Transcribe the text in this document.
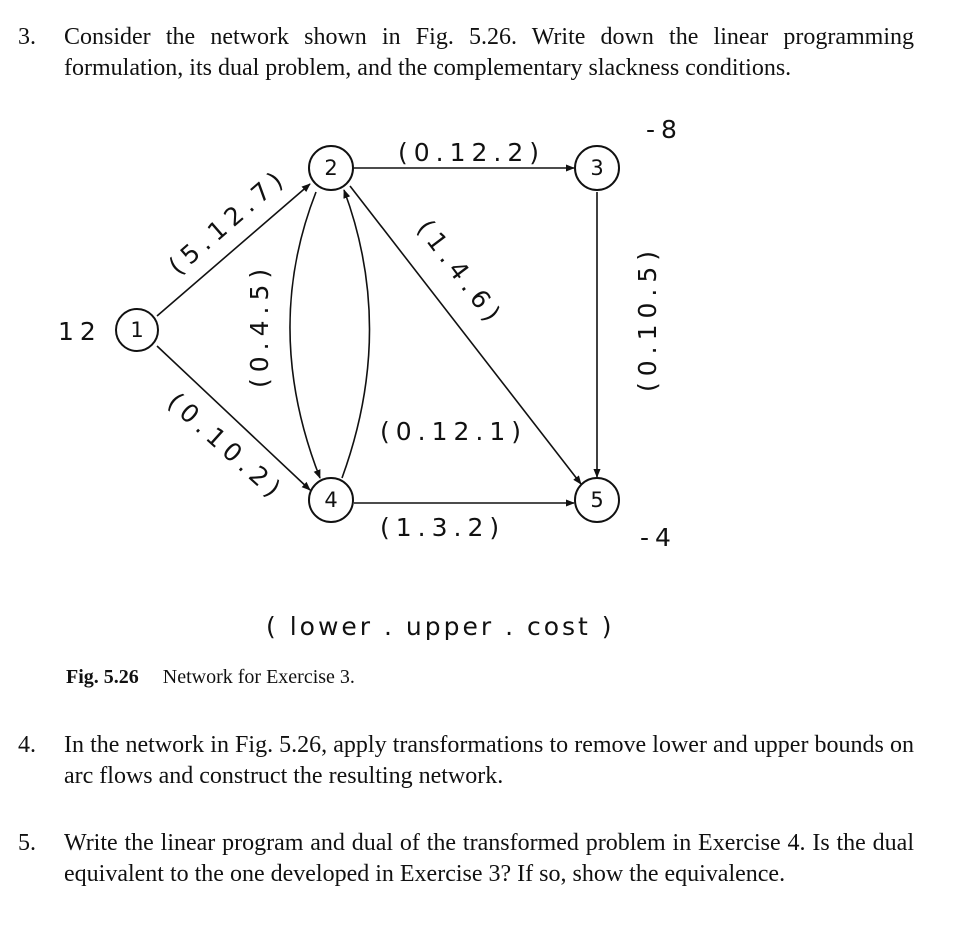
3. Consider the network shown in Fig. 5.26. Write down the linear programming formulation, its dual problem, and the complementary slackness conditions.
1
2	3
4	5
12
-8
-4
(5.12.7)
(0.10.2)
(0.12.2)
(0.4.5)
(0.12.1)
(1.4.6)	(0.10.5)
(1.3.2)
( lower . upper . cost )
Fig. 5.26 Network for Exercise 3.
4. In the network in Fig. 5.26, apply transformations to remove lower and upper bounds on arc flows and construct the resulting network.
5. Write the linear program and dual of the transformed problem in Exercise 4. Is the dual equivalent to the one developed in Exercise 3? If so, show the equivalence.
